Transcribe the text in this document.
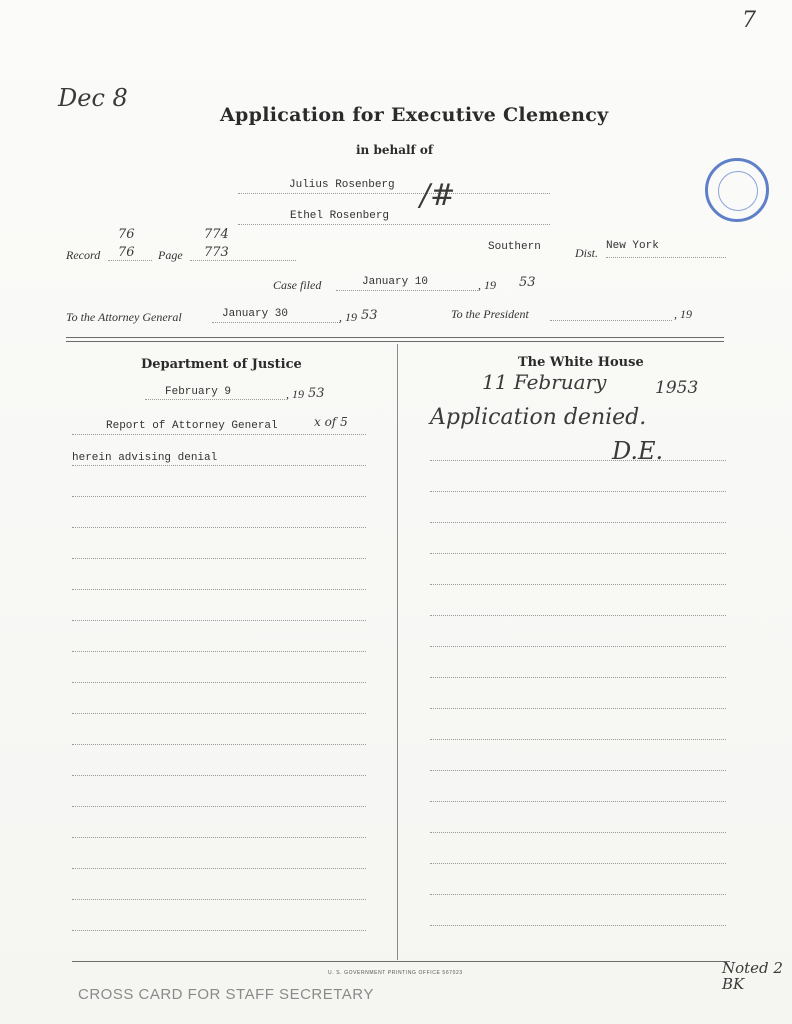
Dec 8
7
Application for Executive Clemency
in behalf of
Julius Rosenberg
Ethel Rosenberg
/#
76	774
Record 76 Page 773	Southern	Dist. New York
Case filed	January 10	, 19 53
To the Attorney General	January 30	, 19 53	To the President	, 19
Department of Justice
February 9	, 19 53
Report of Attorney General	x of 5
herein advising denial
The White House
11 February	1953
Application denied.
D.E.
U. S. GOVERNMENT PRINTING OFFICE 567023
CROSS CARD FOR STAFF SECRETARY
Noted 2 BK
